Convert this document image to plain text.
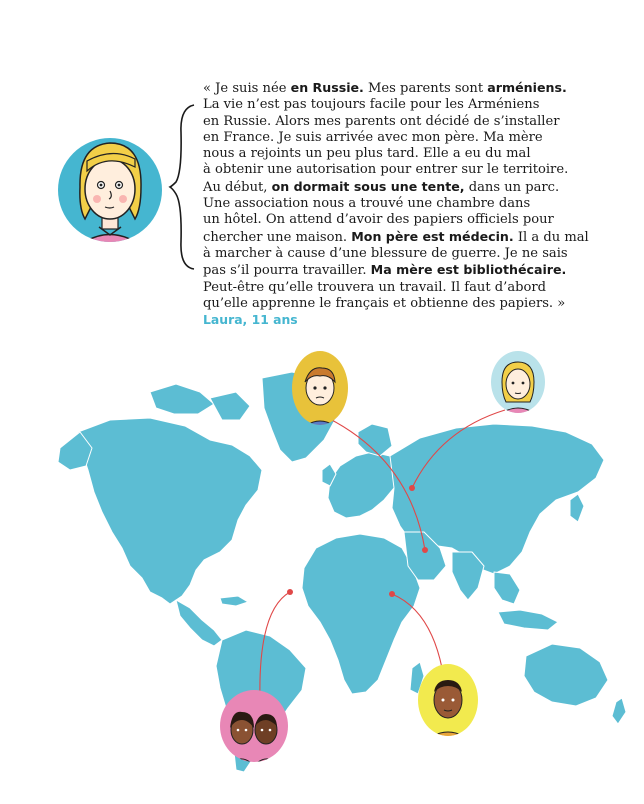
« Je suis née en Russie. Mes parents sont arméniens.

La vie n’est pas toujours facile pour les Arméniens

en Russie. Alors mes parents ont décidé de s’installer

en France. Je suis arrivée avec mon père. Ma mère

nous a rejoints un peu plus tard. Elle a eu du mal

à obtenir une autorisation pour entrer sur le territoire.

Au début, on dormait sous une tente, dans un parc.

Une association nous a trouvé une chambre dans

un hôtel. On attend d’avoir des papiers officiels pour

chercher une maison. Mon père est médecin. Il a du mal

à marcher à cause d’une blessure de guerre. Je ne sais

pas s’il pourra travailler. Ma mère est bibliothécaire.

Peut-être qu’elle trouvera un travail. Il faut d’abord

qu’elle apprenne le français et obtienne des papiers. »

Laura, 11 ans
